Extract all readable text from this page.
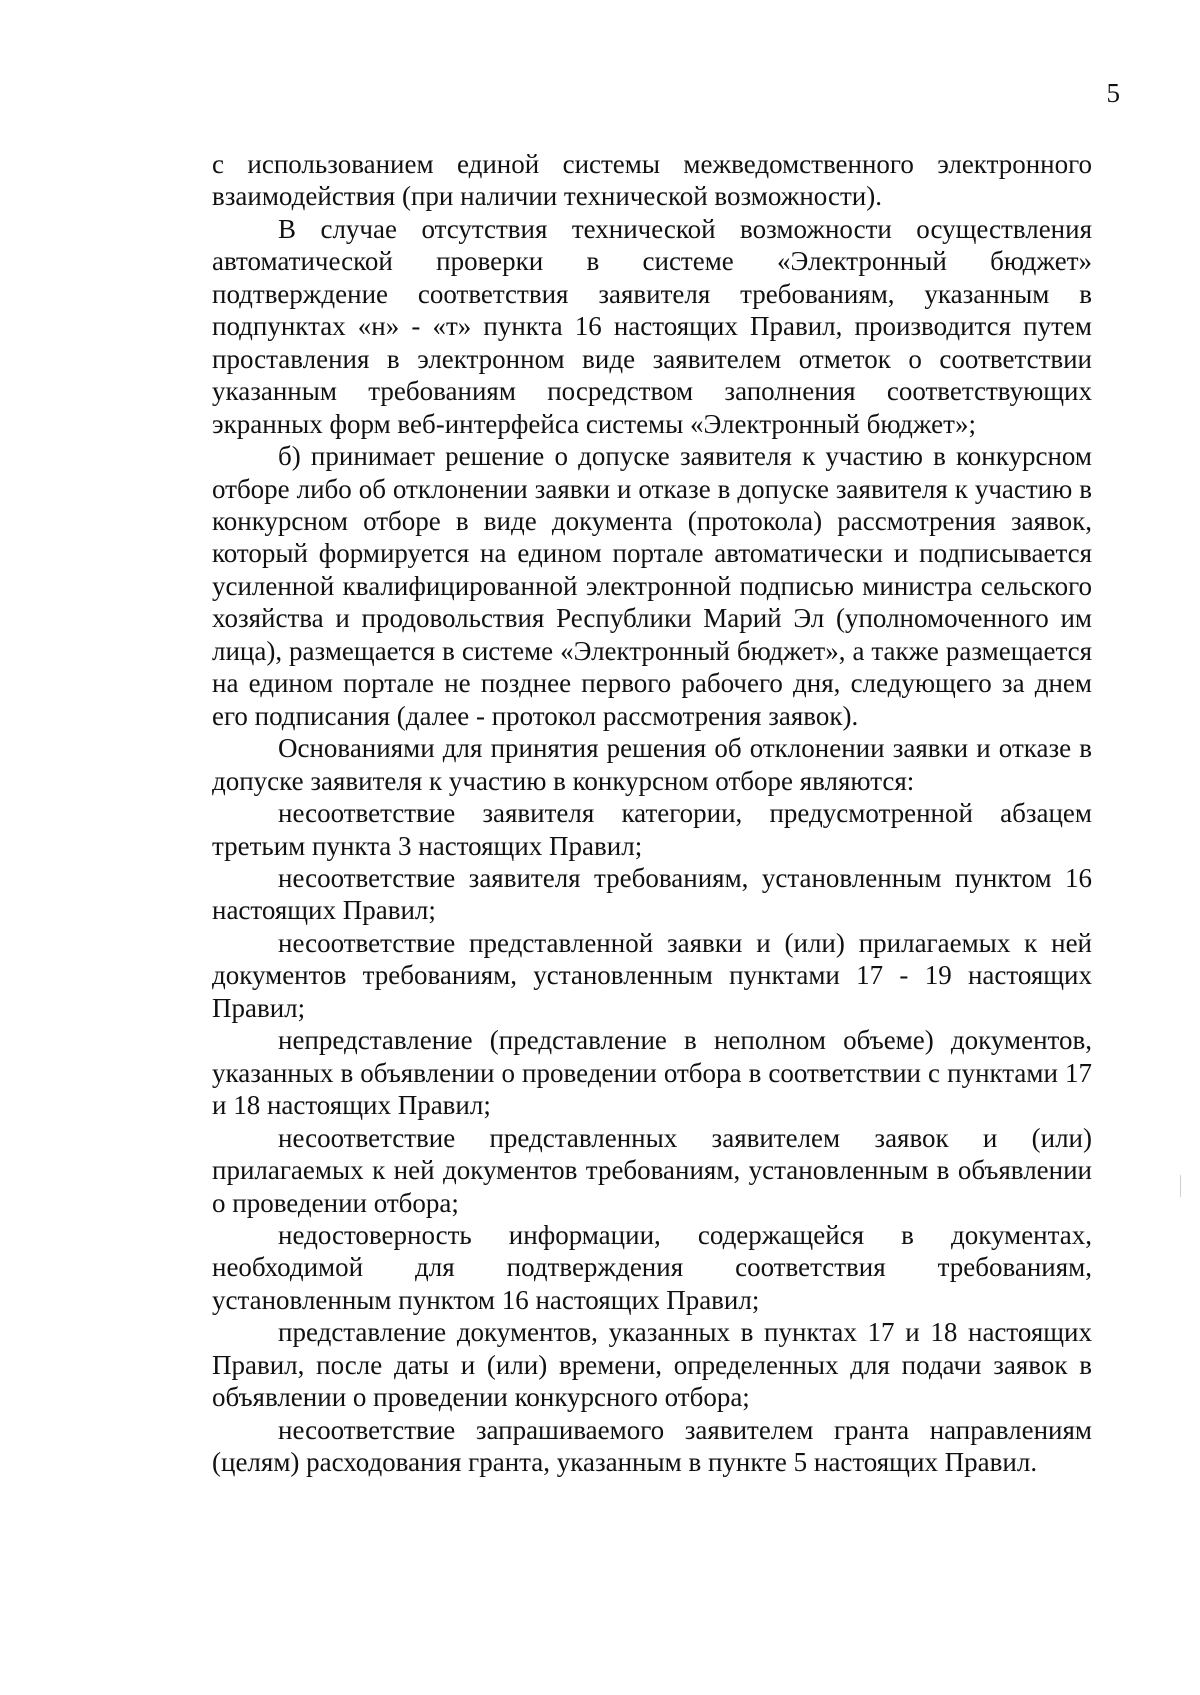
5

с использованием единой системы межведомственного электронного взаимодействия (при наличии технической возможности).

В случае отсутствия технической возможности осуществления автоматической проверки в системе «Электронный бюджет» подтверждение соответствия заявителя требованиям, указанным в подпунктах «н» - «т» пункта 16 настоящих Правил, производится путем проставления в электронном виде заявителем отметок о соответствии указанным требованиям посредством заполнения соответствующих экранных форм веб-интерфейса системы «Электронный бюджет»;

б) принимает решение о допуске заявителя к участию в конкурсном отборе либо об отклонении заявки и отказе в допуске заявителя к участию в конкурсном отборе в виде документа (протокола) рассмотрения заявок, который формируется на едином портале автоматически и подписывается усиленной квалифицированной электронной подписью министра сельского хозяйства и продовольствия Республики Марий Эл (уполномоченного им лица), размещается в системе «Электронный бюджет», а также размещается на едином портале не позднее первого рабочего дня, следующего за днем его подписания (далее - протокол рассмотрения заявок).

Основаниями для принятия решения об отклонении заявки и отказе в допуске заявителя к участию в конкурсном отборе являются:

несоответствие заявителя категории, предусмотренной абзацем третьим пункта 3 настоящих Правил;

несоответствие заявителя требованиям, установленным пунктом 16 настоящих Правил;

несоответствие представленной заявки и (или) прилагаемых к ней документов требованиям, установленным пунктами 17 - 19 настоящих Правил;

непредставление (представление в неполном объеме) документов, указанных в объявлении о проведении отбора в соответствии с пунктами 17 и 18 настоящих Правил;

несоответствие представленных заявителем заявок и (или) прилагаемых к ней документов требованиям, установленным в объявлении о проведении отбора;

недостоверность информации, содержащейся в документах, необходимой для подтверждения соответствия требованиям, установленным пунктом 16 настоящих Правил;

представление документов, указанных в пунктах 17 и 18 настоящих Правил, после даты и (или) времени, определенных для подачи заявок в объявлении о проведении конкурсного отбора;

несоответствие запрашиваемого заявителем гранта направлениям (целям) расходования гранта, указанным в пункте 5 настоящих Правил.
